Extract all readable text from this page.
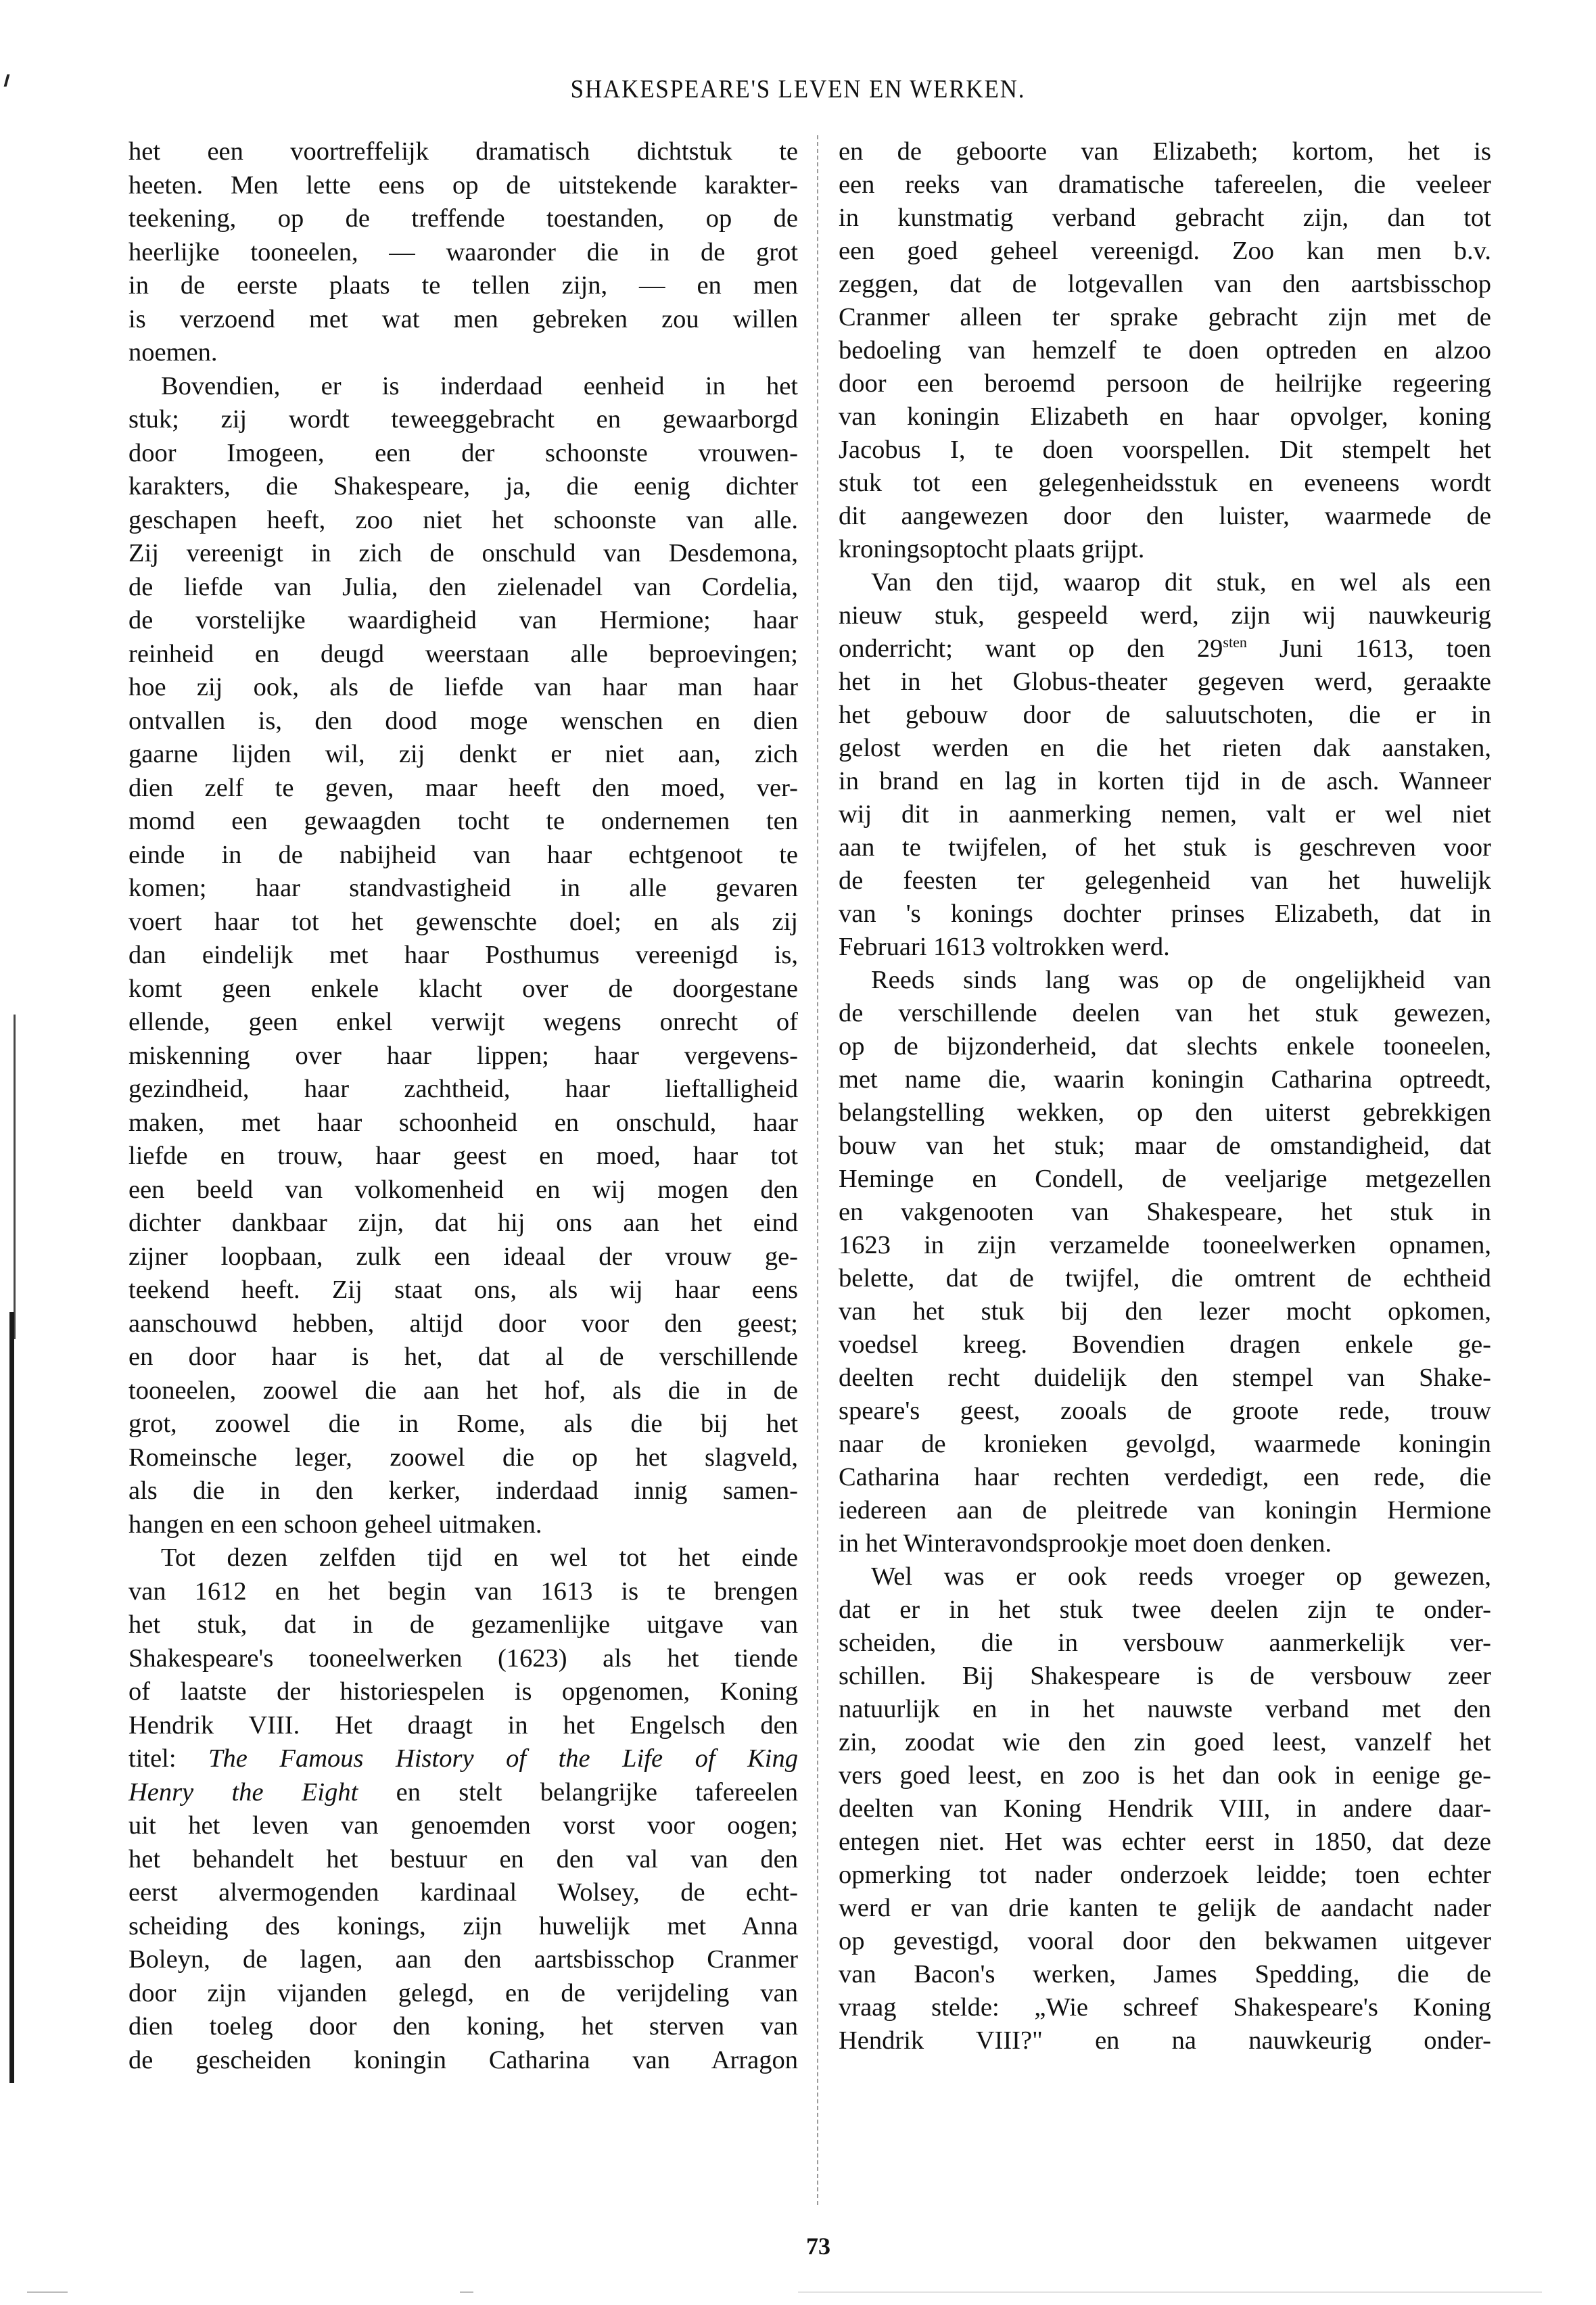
SHAKESPEARE'S LEVEN EN WERKEN.
het een voortreffelijk dramatisch dichtstuk te
heeten. Men lette eens op de uitstekende karakter-
teekening, op de treffende toestanden, op de
heerlijke tooneelen, — waaronder die in de grot
in de eerste plaats te tellen zijn, — en men
is verzoend met wat men gebreken zou willen
noemen.
Bovendien, er is inderdaad eenheid in het
stuk; zij wordt teweeggebracht en gewaarborgd
door Imogeen, een der schoonste vrouwen-
karakters, die Shakespeare, ja, die eenig dichter
geschapen heeft, zoo niet het schoonste van alle.
Zij vereenigt in zich de onschuld van Desdemona,
de liefde van Julia, den zielenadel van Cordelia,
de vorstelijke waardigheid van Hermione; haar
reinheid en deugd weerstaan alle beproevingen;
hoe zij ook, als de liefde van haar man haar
ontvallen is, den dood moge wenschen en dien
gaarne lijden wil, zij denkt er niet aan, zich
dien zelf te geven, maar heeft den moed, ver-
momd een gewaagden tocht te ondernemen ten
einde in de nabijheid van haar echtgenoot te
komen; haar standvastigheid in alle gevaren
voert haar tot het gewenschte doel; en als zij
dan eindelijk met haar Posthumus vereenigd is,
komt geen enkele klacht over de doorgestane
ellende, geen enkel verwijt wegens onrecht of
miskenning over haar lippen; haar vergevens-
gezindheid, haar zachtheid, haar lieftalligheid
maken, met haar schoonheid en onschuld, haar
liefde en trouw, haar geest en moed, haar tot
een beeld van volkomenheid en wij mogen den
dichter dankbaar zijn, dat hij ons aan het eind
zijner loopbaan, zulk een ideaal der vrouw ge-
teekend heeft. Zij staat ons, als wij haar eens
aanschouwd hebben, altijd door voor den geest;
en door haar is het, dat al de verschillende
tooneelen, zoowel die aan het hof, als die in de
grot, zoowel die in Rome, als die bij het
Romeinsche leger, zoowel die op het slagveld,
als die in den kerker, inderdaad innig samen-
hangen en een schoon geheel uitmaken.
Tot dezen zelfden tijd en wel tot het einde
van 1612 en het begin van 1613 is te brengen
het stuk, dat in de gezamenlijke uitgave van
Shakespeare's tooneelwerken (1623) als het tiende
of laatste der historiespelen is opgenomen, Koning
Hendrik VIII. Het draagt in het Engelsch den
titel: The Famous History of the Life of King
Henry the Eight en stelt belangrijke tafereelen
uit het leven van genoemden vorst voor oogen;
het behandelt het bestuur en den val van den
eerst alvermogenden kardinaal Wolsey, de echt-
scheiding des konings, zijn huwelijk met Anna
Boleyn, de lagen, aan den aartsbisschop Cranmer
door zijn vijanden gelegd, en de verijdeling van
dien toeleg door den koning, het sterven van
de gescheiden koningin Catharina van Arragon
en de geboorte van Elizabeth; kortom, het is
een reeks van dramatische tafereelen, die veeleer
in kunstmatig verband gebracht zijn, dan tot
een goed geheel vereenigd. Zoo kan men b.v.
zeggen, dat de lotgevallen van den aartsbisschop
Cranmer alleen ter sprake gebracht zijn met de
bedoeling van hemzelf te doen optreden en alzoo
door een beroemd persoon de heilrijke regeering
van koningin Elizabeth en haar opvolger, koning
Jacobus I, te doen voorspellen. Dit stempelt het
stuk tot een gelegenheidsstuk en eveneens wordt
dit aangewezen door den luister, waarmede de
kroningsoptocht plaats grijpt.
Van den tijd, waarop dit stuk, en wel als een
nieuw stuk, gespeeld werd, zijn wij nauwkeurig
onderricht; want op den $29^{sten}$ Juni 1613, toen
het in het Globus-theater gegeven werd, geraakte
het gebouw door de saluutschoten, die er in
gelost werden en die het rieten dak aanstaken,
in brand en lag in korten tijd in de asch. Wanneer
wij dit in aanmerking nemen, valt er wel niet
aan te twijfelen, of het stuk is geschreven voor
de feesten ter gelegenheid van het huwelijk
van 's konings dochter prinses Elizabeth, dat in
Februari 1613 voltrokken werd.
Reeds sinds lang was op de ongelijkheid van
de verschillende deelen van het stuk gewezen,
op de bijzonderheid, dat slechts enkele tooneelen,
met name die, waarin koningin Catharina optreedt,
belangstelling wekken, op den uiterst gebrekkigen
bouw van het stuk; maar de omstandigheid, dat
Heminge en Condell, de veeljarige metgezellen
en vakgenooten van Shakespeare, het stuk in
1623 in zijn verzamelde tooneelwerken opnamen,
belette, dat de twijfel, die omtrent de echtheid
van het stuk bij den lezer mocht opkomen,
voedsel kreeg. Bovendien dragen enkele ge-
deelten recht duidelijk den stempel van Shake-
speare's geest, zooals de groote rede, trouw
naar de kronieken gevolgd, waarmede koningin
Catharina haar rechten verdedigt, een rede, die
iedereen aan de pleitrede van koningin Hermione
in het Winteravondsprookje moet doen denken.
Wel was er ook reeds vroeger op gewezen,
dat er in het stuk twee deelen zijn te onder-
scheiden, die in versbouw aanmerkelijk ver-
schillen. Bij Shakespeare is de versbouw zeer
natuurlijk en in het nauwste verband met den
zin, zoodat wie den zin goed leest, vanzelf het
vers goed leest, en zoo is het dan ook in eenige ge-
deelten van Koning Hendrik VIII, in andere daar-
entegen niet. Het was echter eerst in 1850, dat deze
opmerking tot nader onderzoek leidde; toen echter
werd er van drie kanten te gelijk de aandacht nader
op gevestigd, vooral door den bekwamen uitgever
van Bacon's werken, James Spedding, die de
vraag stelde: „Wie schreef Shakespeare's Koning
Hendrik VIII?" en na nauwkeurig onder-
73
